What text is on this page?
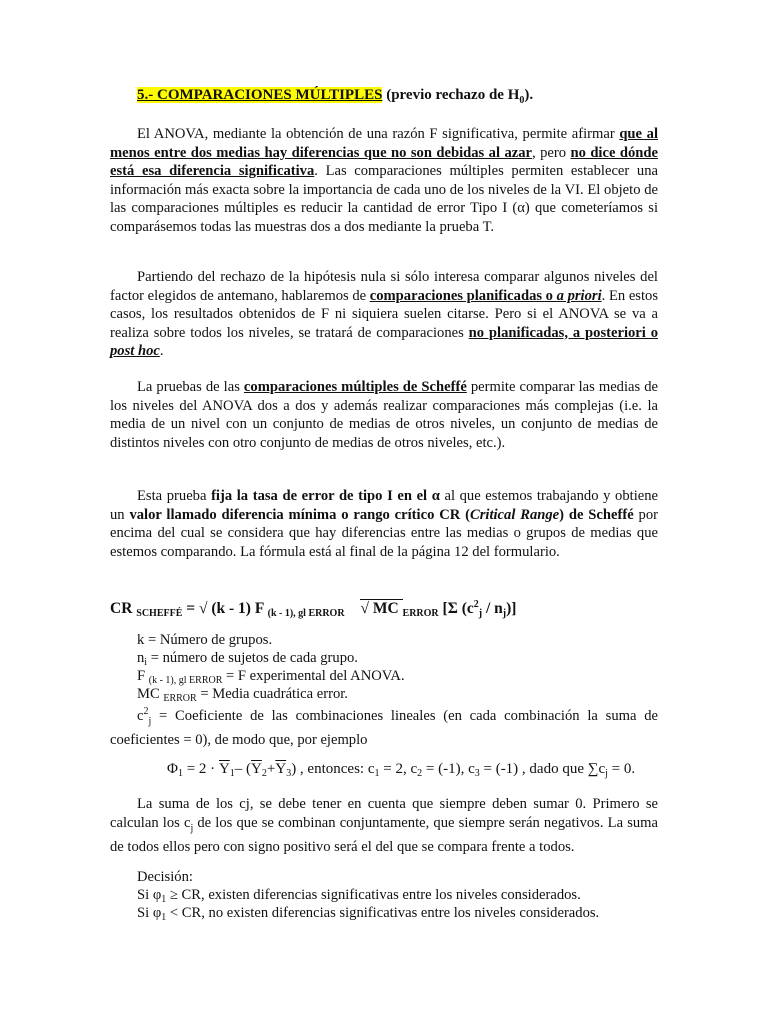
5.- COMPARACIONES MÚLTIPLES (previo rechazo de $H_0$).

El ANOVA, mediante la obtención de una razón F significativa, permite afirmar que al menos entre dos medias hay diferencias que no son debidas al azar, pero no dice dónde está esa diferencia significativa. Las comparaciones múltiples permiten establecer una información más exacta sobre la importancia de cada uno de los niveles de la VI. El objeto de las comparaciones múltiples es reducir la cantidad de error Tipo I (α) que cometeríamos si comparásemos todas las muestras dos a dos mediante la prueba T.

Partiendo del rechazo de la hipótesis nula si sólo interesa comparar algunos niveles del factor elegidos de antemano, hablaremos de comparaciones planificadas o a priori. En estos casos, los resultados obtenidos de F ni siquiera suelen citarse. Pero si el ANOVA se va a realiza sobre todos los niveles, se tratará de comparaciones no planificadas, a posteriori o post hoc.

La pruebas de las comparaciones múltiples de Scheffé permite comparar las medias de los niveles del ANOVA dos a dos y además realizar comparaciones más complejas (i.e. la media de un nivel con un conjunto de medias de otros niveles, un conjunto de medias de distintos niveles con otro conjunto de medias de otros niveles, etc.).

Esta prueba fija la tasa de error de tipo I en el α al que estemos trabajando y obtiene un valor llamado diferencia mínima o rango crítico CR (Critical Range) de Scheffé por encima del cual se considera que hay diferencias entre las medias o grupos de medias que estemos comparando. La fórmula está al final de la página 12 del formulario.

CR $_{SCHEFFÉ}$ = √ (k - 1) F $_{(k - 1), gl ERROR}$ √ MC $_{ERROR}$ [Σ $(c^2_j / n_j)$]
k = Número de grupos.
$n_i$ = número de sujetos de cada grupo.
F $_{(k - 1), gl ERROR}$ = F experimental del ANOVA.
MC $_{ERROR}$ = Media cuadrática error.

$c^2_j$ = Coeficiente de las combinaciones lineales (en cada combinación la suma de coeficientes = 0), de modo que, por ejemplo

$\Phi_1 = 2 \cdot \overline{Y}_1-$ $(\overline{Y}_2+\overline{Y}_3)$ , entonces: $c_1 = 2$, $c_2 = (-1)$, $c_3 = (-1)$ , dado que $\sum c_j = 0$.

La suma de los cj, se debe tener en cuenta que siempre deben sumar 0. Primero se calculan los $c_j$ de los que se combinan conjuntamente, que siempre serán negativos. La suma de todos ellos pero con signo positivo será el del que se compara frente a todos.

Decisión:
Si $\varphi_1$ ≥ CR, existen diferencias significativas entre los niveles considerados.
Si $\varphi_1$ < CR, no existen diferencias significativas entre los niveles considerados.
